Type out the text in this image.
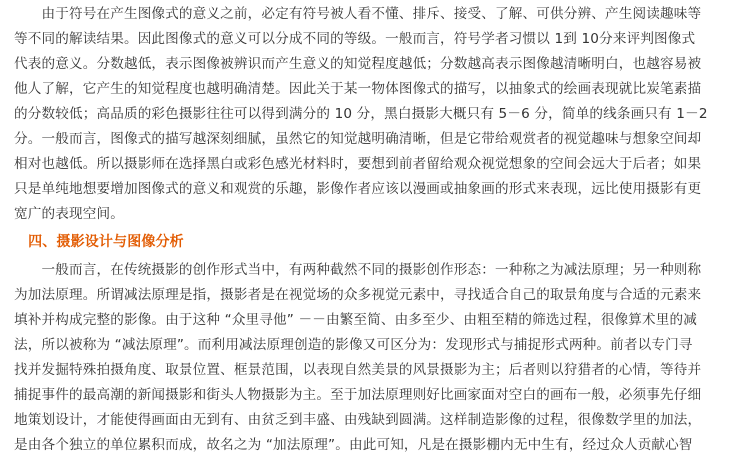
　　由于符号在产生图像式的意义之前，必定有符号被人看不懂、排斥、接受、了解、可供分辨、产生阅读趣味等
等不同的解读结果。因此图像式的意义可以分成不同的等级。一般而言，符号学者习惯以 1到 10分来评判图像式
代表的意义。分数越低，表示图像被辨识而产生意义的知觉程度越低；分数越高表示图像越清晰明白，也越容易被
他人了解，它产生的知觉程度也越明确清楚。因此关于某一物体图像式的描写，以抽象式的绘画表现就比炭笔素描
的分数较低；高品质的彩色摄影往往可以得到满分的 10 分，黑白摄影大概只有 5－6 分，简单的线条画只有 1－2
分。一般而言，图像式的描写越深刻细腻，虽然它的知觉越明确清晰，但是它带给观赏者的视觉趣味与想象空间却
相对也越低。所以摄影师在选择黑白或彩色感光材料时，要想到前者留给观众视觉想象的空间会远大于后者；如果
只是单纯地想要增加图像式的意义和观赏的乐趣，影像作者应该以漫画或抽象画的形式来表现，远比使用摄影有更
宽广的表现空间。
　四、摄影设计与图像分析
　　一般而言，在传统摄影的创作形式当中，有两种截然不同的摄影创作形态：一种称之为减法原理；另一种则称
为加法原理。所谓减法原理是指，摄影者是在视觉场的众多视觉元素中，寻找适合自己的取景角度与合适的元素来
填补并构成完整的影像。由于这种 “众里寻他” －－由繁至简、由多至少、由粗至精的筛选过程，很像算术里的减
法，所以被称为 “减法原理”。而利用减法原理创造的影像又可区分为：发现形式与捕捉形式两种。前者以专门寻
找并发掘特殊拍摄角度、取景位置、框景范围，以表现自然美景的风景摄影为主；后者则以狩猎者的心情，等待并
捕捉事件的最高潮的新闻摄影和街头人物摄影为主。至于加法原理则好比画家面对空白的画布一般，必须事先仔细
地策划设计，才能使得画面由无到有、由贫乏到丰盛、由残缺到圆满。这样制造影像的过程，很像数学里的加法，
是由各个独立的单位累积而成，故名之为 “加法原理”。由此可知，凡是在摄影棚内无中生有，经过众人贡献心智
